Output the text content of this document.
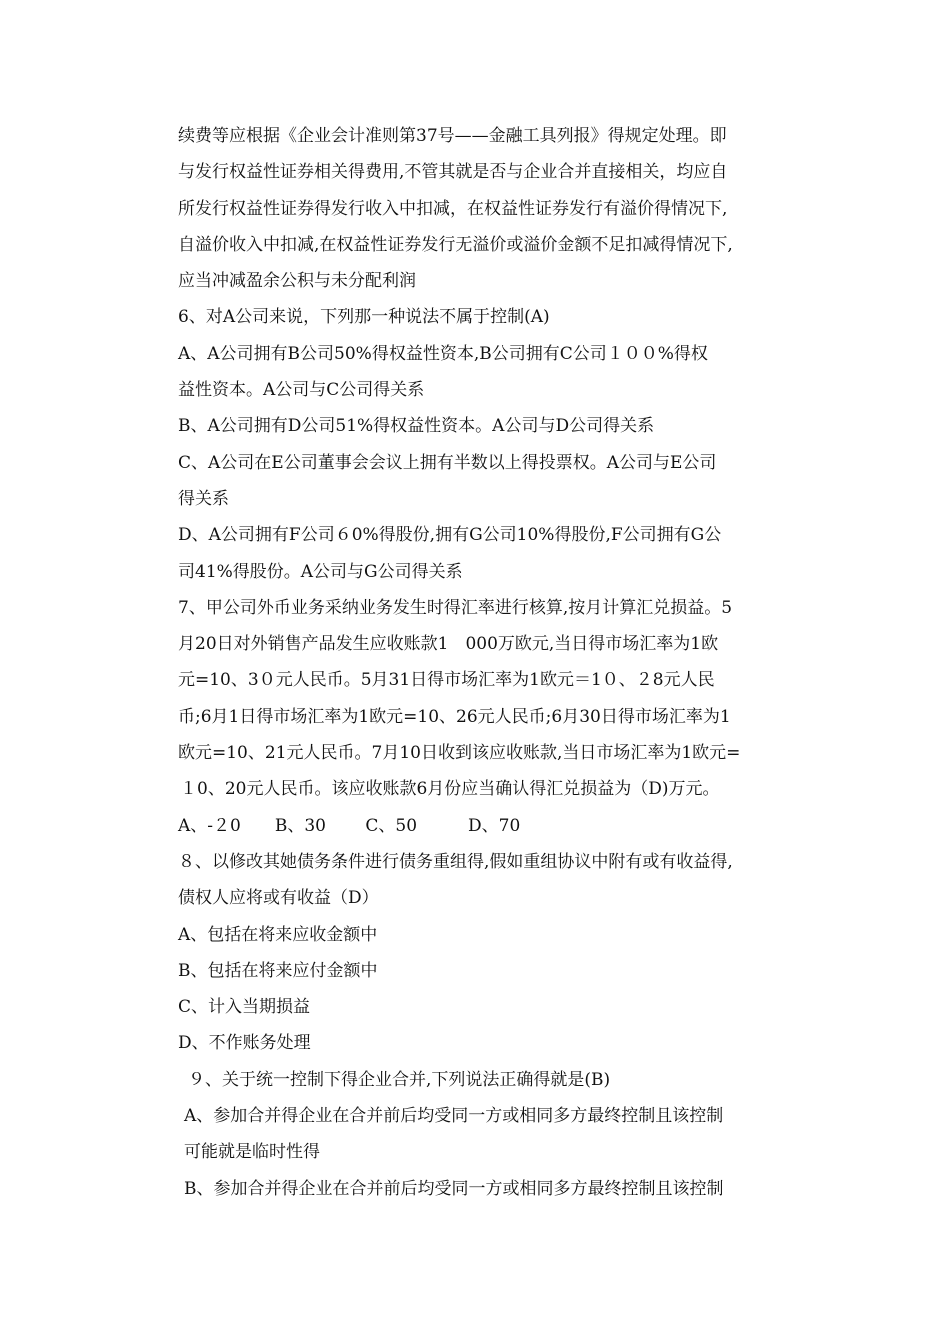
续费等应根据《企业会计准则第37号——金融工具列报》得规定处理。即
与发行权益性证券相关得费用,不管其就是否与企业合并直接相关，均应自
所发行权益性证券得发行收入中扣减，在权益性证券发行有溢价得情况下,
自溢价收入中扣减,在权益性证券发行无溢价或溢价金额不足扣减得情况下,
应当冲减盈余公积与未分配利润
6、对A公司来说，下列那一种说法不属于控制(A)
A、A公司拥有B公司50%得权益性资本,B公司拥有C公司１００%得权
益性资本。A公司与C公司得关系
B、A公司拥有D公司51%得权益性资本。A公司与D公司得关系
C、A公司在E公司董事会会议上拥有半数以上得投票权。A公司与E公司
得关系
D、A公司拥有F公司６0%得股份,拥有G公司10%得股份,F公司拥有G公
司41%得股份。A公司与G公司得关系
7、甲公司外币业务采纳业务发生时得汇率进行核算,按月计算汇兑损益。5
月20日对外销售产品发生应收账款1　000万欧元,当日得市场汇率为1欧
元=10、3０元人民币。5月31日得市场汇率为1欧元＝1０、２8元人民
币;6月1日得市场汇率为1欧元=10、26元人民币;6月30日得市场汇率为1
欧元=10、21元人民币。7月10日收到该应收账款,当日市场汇率为1欧元=
１0、20元人民币。该应收账款6月份应当确认得汇兑损益为（D)万元。
A、-２0　　B、30　　 C、50　　　D、70
８、以修改其她债务条件进行债务重组得,假如重组协议中附有或有收益得,
债权人应将或有收益（D）
A、包括在将来应收金额中
B、包括在将来应付金额中
C、计入当期损益
D、不作账务处理
９、关于统一控制下得企业合并,下列说法正确得就是(B)
A、参加合并得企业在合并前后均受同一方或相同多方最终控制且该控制
可能就是临时性得
B、参加合并得企业在合并前后均受同一方或相同多方最终控制且该控制
